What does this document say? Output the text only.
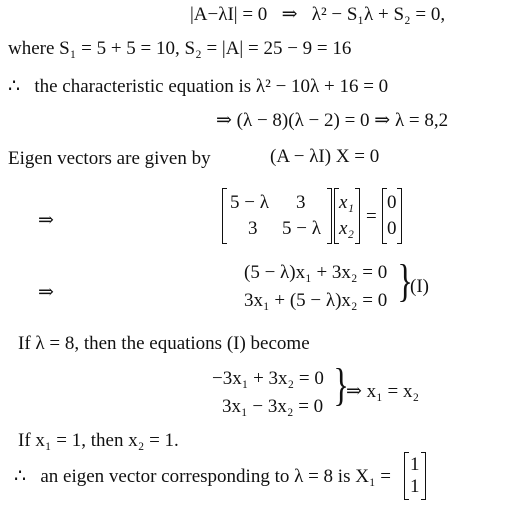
|A−λI| = 0 ⇒ λ² − S₁λ + S₂ = 0,
where S₁ = 5 + 5 = 10, S₂ = |A| = 25 − 9 = 16
∴ the characteristic equation is λ² − 10λ + 16 = 0
⇒ (λ − 8)(λ − 2) = 0 ⇒ λ = 8,2
Eigen vectors are given by	(A − λI) X = 0
⇒
5 − λ 3
3 5 − λ
x₁
x₂
=
0
0
⇒
(5 − λ)x₁ + 3x₂ = 0
3x₁ + (5 − λ)x₂ = 0 }
(I)
If λ = 8, then the equations (I) become
−3x₁ + 3x₂ = 0
3x₁ − 3x₂ = 0 }
⇒ x₁ = x₂
If x₁ = 1, then x₂ = 1.
∴ an eigen vector corresponding to λ = 8 is X₁ =
1
1
